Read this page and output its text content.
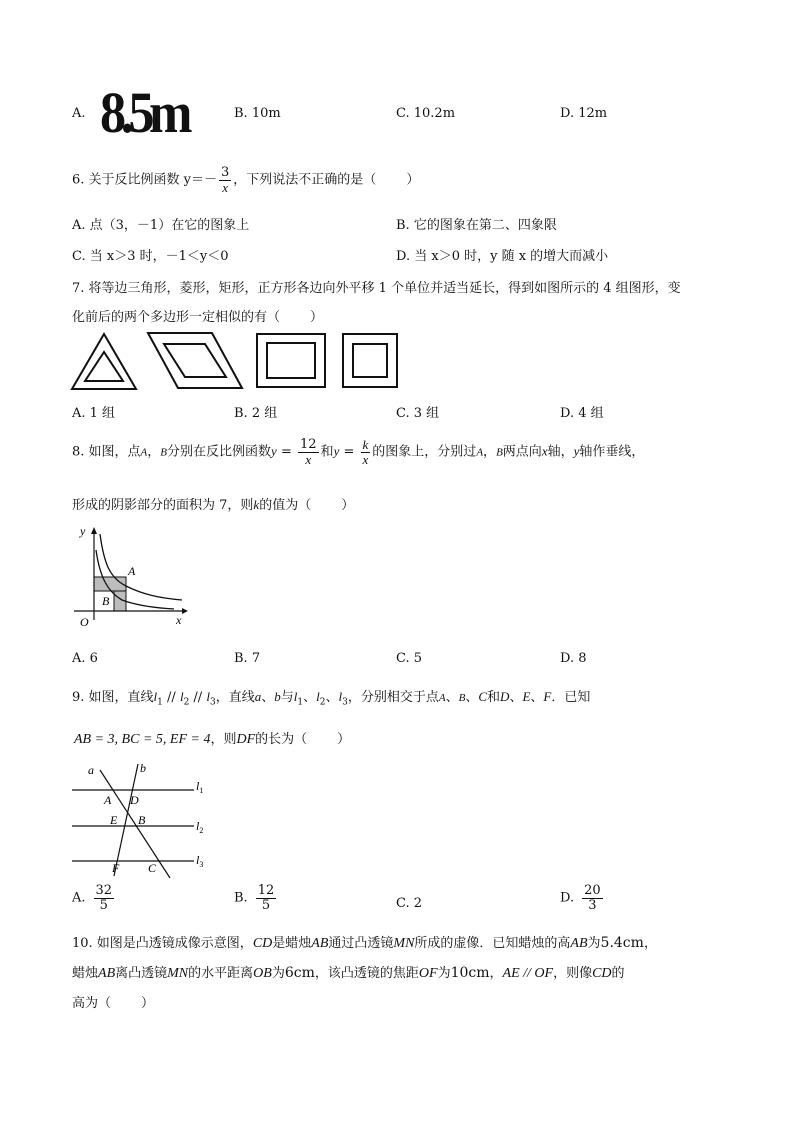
A. 8.5m	B. 10m	C. 10.2m	D. 12m
6. 关于反比例函数 $y=- \frac{3}{x}$ ，下列说法不正确的是（ ）
A. 点（3，－1）在它的图象上	B. 它的图象在第二、四象限
C. 当 x＞3 时，－1＜y＜0	D. 当 x＞0 时，y 随 x 的增大而减小
7. 将等边三角形，菱形，矩形，正方形各边向外平移 1 个单位并适当延长，得到如图所示的 4 组图形，变
化前后的两个多边形一定相似的有（ ）
A. 1 组	B. 2 组	C. 3 组	D. 4 组
8. 如图，点A，B分别在反比例函数$y = \frac{12}{x}$ 和$y = \frac{k}{x}$ 的图象上，分别过A，B两点向x轴，y轴作垂线，
形成的阴影部分的面积为 7，则k的值为（ ）
y
x
O
A
B
A. 6	B. 7	C. 5	D. 8
9. 如图，直线$l_1 // l_2 // l_3$，直线a、b与$l_1$、$l_2$、$l_3$，分别相交于点A、B、C和D、E、F．已知
AB = 3, BC = 5, EF = 4，则DF的长为（ ）
a	b
A D
E B
F C
$l_1$
$l_2$
$l_3$
A. $\frac{32}{5}$	B. $\frac{12}{5}$	C. 2	D. $\frac{20}{3}$
10. 如图是凸透镜成像示意图，CD是蜡烛AB通过凸透镜MN所成的虚像．已知蜡烛的高AB为5.4cm，
蜡烛AB离凸透镜MN的水平距离OB为6cm，该凸透镜的焦距OF为10cm，AE // OF，则像CD的
高为（ ）
